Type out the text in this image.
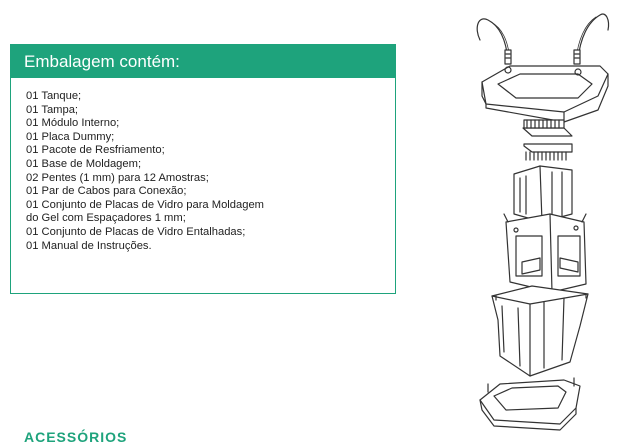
Embalagem contém:
01 Tanque;
01 Tampa;
01 Módulo Interno;
01 Placa Dummy;
01 Pacote de Resfriamento;
01 Base de Moldagem;
02 Pentes (1 mm) para 12 Amostras;
01 Par de Cabos para Conexão;
01 Conjunto de Placas de Vidro para Moldagem
do Gel com Espaçadores 1 mm;
01 Conjunto de Placas de Vidro Entalhadas;
01 Manual de Instruções.
ACESSÓRIOS
